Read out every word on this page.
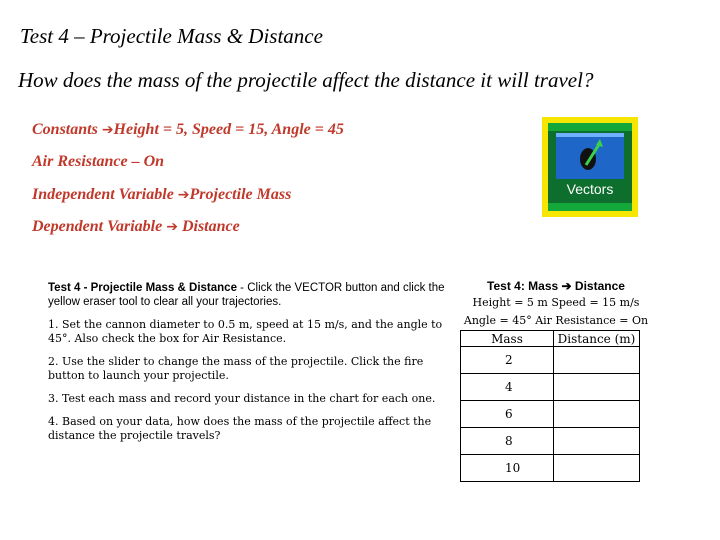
Test 4 – Projectile Mass & Distance
How does the mass of the projectile affect the distance it will travel?
Constants ➔Height = 5, Speed = 15, Angle = 45
Air Resistance – On
Independent Variable ➔Projectile Mass
Dependent Variable ➔ Distance
Vectors

Test 4 - Projectile Mass & Distance - Click the VECTOR button and click the yellow eraser tool to clear all your trajectories.

1. Set the cannon diameter to 0.5 m, speed at 15 m/s, and the angle to 45°. Also check the box for Air Resistance.

2. Use the slider to change the mass of the projectile. Click the fire button to launch your projectile.

3. Test each mass and record your distance in the chart for each one.

4. Based on your data, how does the mass of the projectile affect the distance the projectile travels?

Test 4: Mass ➔ Distance
Height = 5 m Speed = 15 m/s
Angle = 45° Air Resistance = On
Mass	Distance (m)
2	
4	
6	
8	
10	
